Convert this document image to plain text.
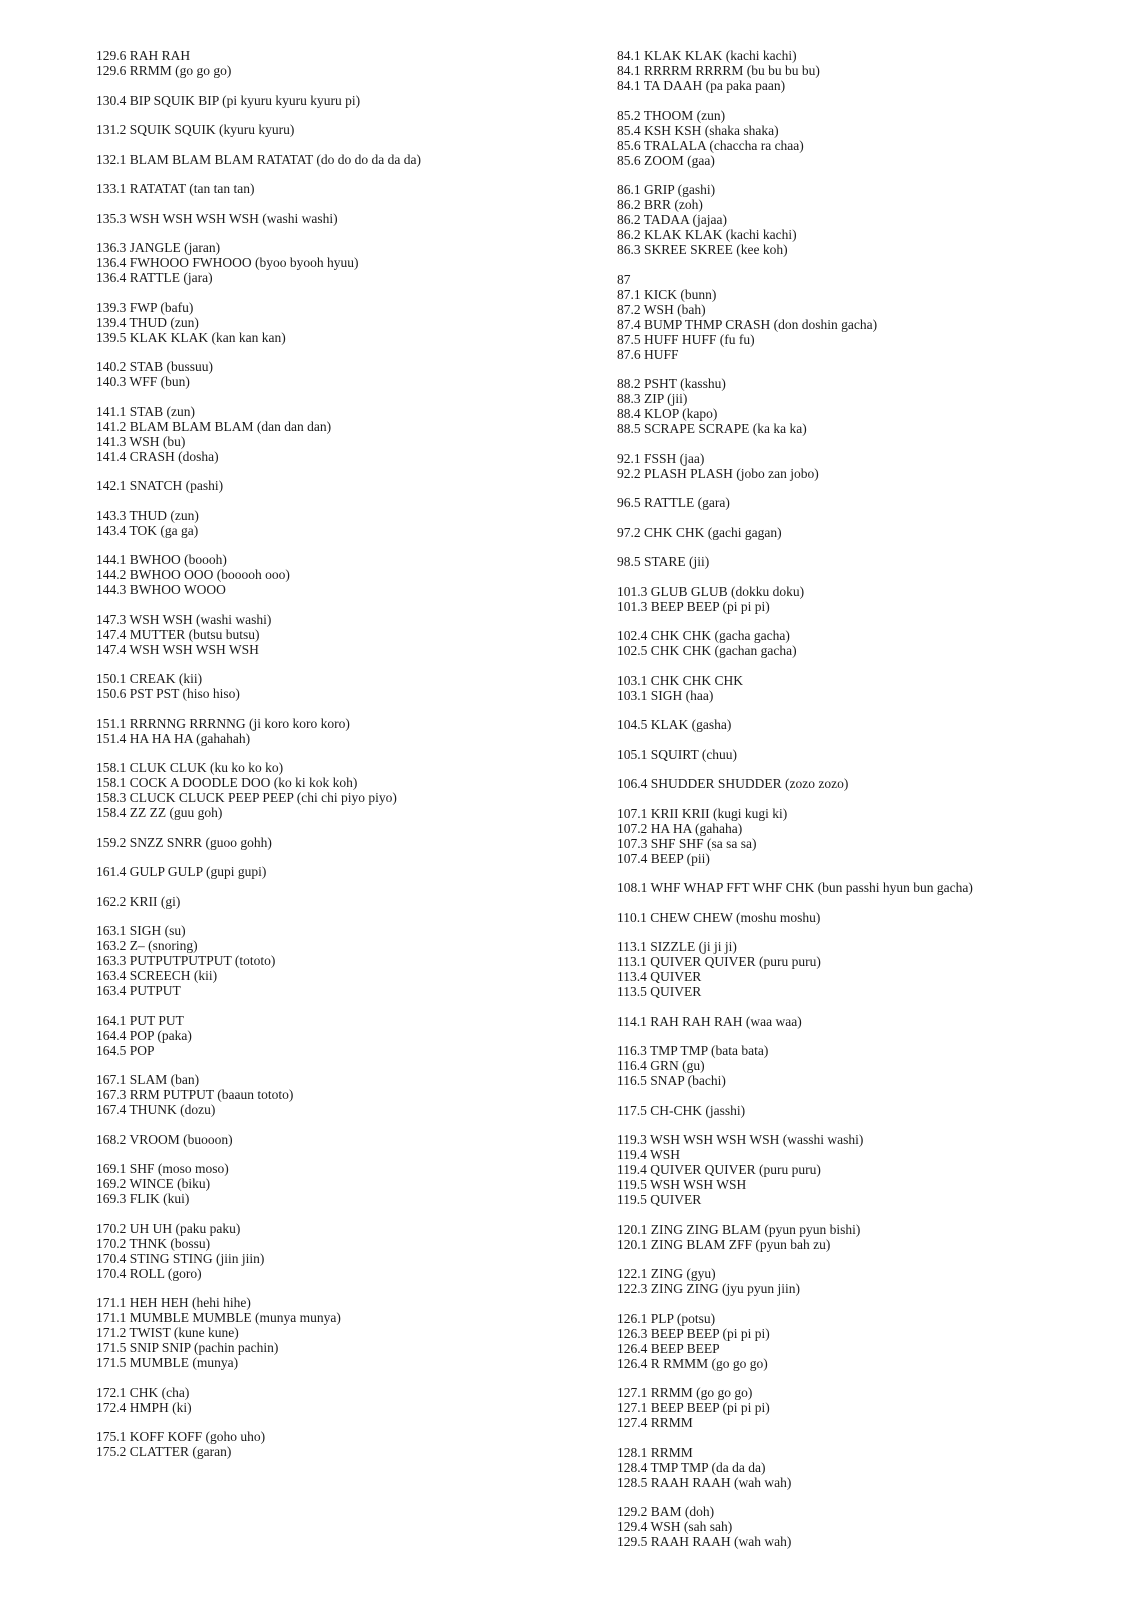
129.6 RAH RAH
129.6 RRMM (go go go)
130.4 BIP SQUIK BIP (pi kyuru kyuru kyuru pi)
131.2 SQUIK SQUIK (kyuru kyuru)
132.1 BLAM BLAM BLAM RATATAT (do do do da da da)
133.1 RATATAT (tan tan tan)
135.3 WSH WSH WSH WSH (washi washi)
136.3 JANGLE (jaran)
136.4 FWHOOO FWHOOO (byoo byooh hyuu)
136.4 RATTLE (jara)
139.3 FWP (bafu)
139.4 THUD (zun)
139.5 KLAK KLAK (kan kan kan)
140.2 STAB (bussuu)
140.3 WFF (bun)
141.1 STAB (zun)
141.2 BLAM BLAM BLAM (dan dan dan)
141.3 WSH (bu)
141.4 CRASH (dosha)
142.1 SNATCH (pashi)
143.3 THUD (zun)
143.4 TOK (ga ga)
144.1 BWHOO (boooh)
144.2 BWHOO OOO (booooh ooo)
144.3 BWHOO WOOO
147.3 WSH WSH (washi washi)
147.4 MUTTER (butsu butsu)
147.4 WSH WSH WSH WSH
150.1 CREAK (kii)
150.6 PST PST (hiso hiso)
151.1 RRRNNG RRRNNG (ji koro koro koro)
151.4 HA HA HA (gahahah)
158.1 CLUK CLUK (ku ko ko ko)
158.1 COCK A DOODLE DOO (ko ki kok koh)
158.3 CLUCK CLUCK PEEP PEEP (chi chi piyo piyo)
158.4 ZZ ZZ (guu goh)
159.2 SNZZ SNRR (guoo gohh)
161.4 GULP GULP (gupi gupi)
162.2 KRII (gi)
163.1 SIGH (su)
163.2 Z– (snoring)
163.3 PUTPUTPUTPUT (tototo)
163.4 SCREECH (kii)
163.4 PUTPUT
164.1 PUT PUT
164.4 POP (paka)
164.5 POP
167.1 SLAM (ban)
167.3 RRM PUTPUT (baaun tototo)
167.4 THUNK (dozu)
168.2 VROOM (buooon)
169.1 SHF (moso moso)
169.2 WINCE (biku)
169.3 FLIK (kui)
170.2 UH UH (paku paku)
170.2 THNK (bossu)
170.4 STING STING (jiin jiin)
170.4 ROLL (goro)
171.1 HEH HEH (hehi hihe)
171.1 MUMBLE MUMBLE (munya munya)
171.2 TWIST (kune kune)
171.5 SNIP SNIP (pachin pachin)
171.5 MUMBLE (munya)
172.1 CHK (cha)
172.4 HMPH (ki)
175.1 KOFF KOFF (goho uho)
175.2 CLATTER (garan)
84.1 KLAK KLAK (kachi kachi)
84.1 RRRRM RRRRM (bu bu bu bu)
84.1 TA DAAH (pa paka paan)
85.2 THOOM (zun)
85.4 KSH KSH (shaka shaka)
85.6 TRALALA (chaccha ra chaa)
85.6 ZOOM (gaa)
86.1 GRIP (gashi)
86.2 BRR (zoh)
86.2 TADAA (jajaa)
86.2 KLAK KLAK (kachi kachi)
86.3 SKREE SKREE (kee koh)
87
87.1 KICK (bunn)
87.2 WSH (bah)
87.4 BUMP THMP CRASH (don doshin gacha)
87.5 HUFF HUFF (fu fu)
87.6 HUFF
88.2 PSHT (kasshu)
88.3 ZIP (jii)
88.4 KLOP (kapo)
88.5 SCRAPE SCRAPE (ka ka ka)
92.1 FSSH (jaa)
92.2 PLASH PLASH (jobo zan jobo)
96.5 RATTLE (gara)
97.2 CHK CHK (gachi gagan)
98.5 STARE (jii)
101.3 GLUB GLUB (dokku doku)
101.3 BEEP BEEP (pi pi pi)
102.4 CHK CHK (gacha gacha)
102.5 CHK CHK (gachan gacha)
103.1 CHK CHK CHK
103.1 SIGH (haa)
104.5 KLAK (gasha)
105.1 SQUIRT (chuu)
106.4 SHUDDER SHUDDER (zozo zozo)
107.1 KRII KRII (kugi kugi ki)
107.2 HA HA (gahaha)
107.3 SHF SHF (sa sa sa)
107.4 BEEP (pii)
108.1 WHF WHAP FFT WHF CHK (bun passhi hyun bun gacha)
110.1 CHEW CHEW (moshu moshu)
113.1 SIZZLE (ji ji ji)
113.1 QUIVER QUIVER (puru puru)
113.4 QUIVER
113.5 QUIVER
114.1 RAH RAH RAH (waa waa)
116.3 TMP TMP (bata bata)
116.4 GRN (gu)
116.5 SNAP (bachi)
117.5 CH-CHK (jasshi)
119.3 WSH WSH WSH WSH (wasshi washi)
119.4 WSH
119.4 QUIVER QUIVER (puru puru)
119.5 WSH WSH WSH
119.5 QUIVER
120.1 ZING ZING BLAM (pyun pyun bishi)
120.1 ZING BLAM ZFF (pyun bah zu)
122.1 ZING (gyu)
122.3 ZING ZING (jyu pyun jiin)
126.1 PLP (potsu)
126.3 BEEP BEEP (pi pi pi)
126.4 BEEP BEEP
126.4 R RMMM (go go go)
127.1 RRMM (go go go)
127.1 BEEP BEEP (pi pi pi)
127.4 RRMM
128.1 RRMM
128.4 TMP TMP (da da da)
128.5 RAAH RAAH (wah wah)
129.2 BAM (doh)
129.4 WSH (sah sah)
129.5 RAAH RAAH (wah wah)
